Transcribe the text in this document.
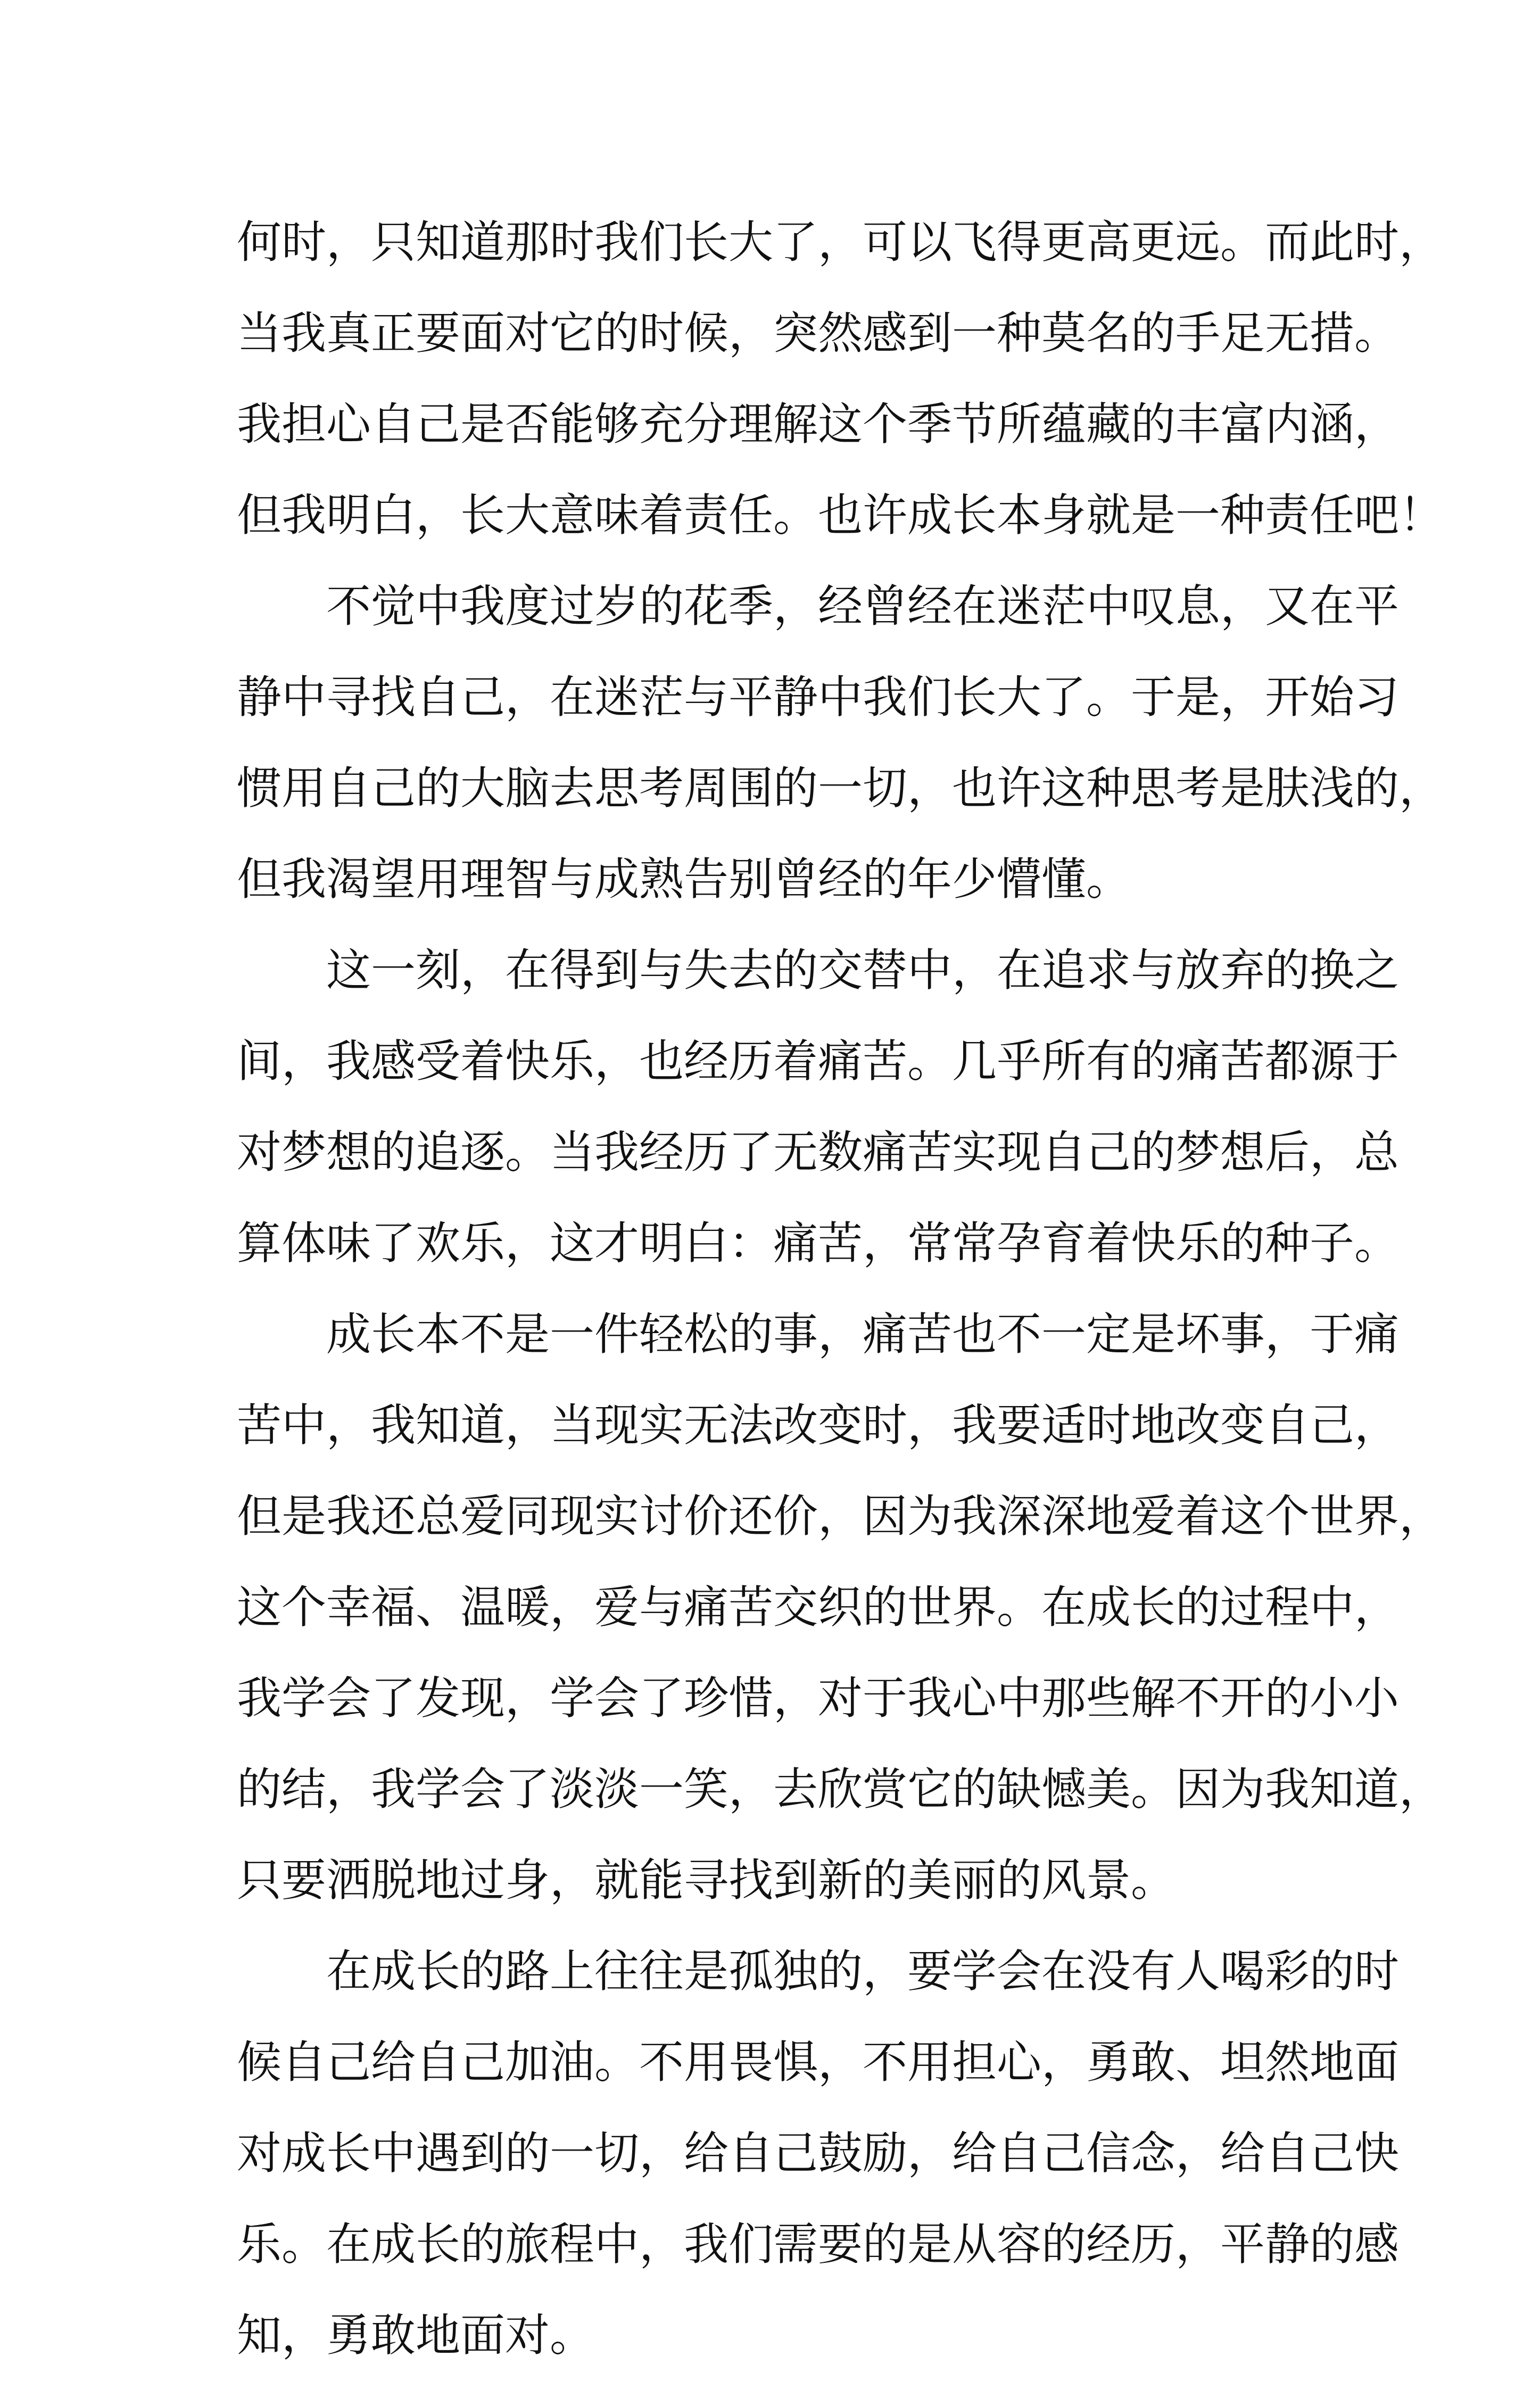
何时，只知道那时我们长大了，可以飞得更高更远。而此时，
当我真正要面对它的时候，突然感到一种莫名的手足无措。
我担心自己是否能够充分理解这个季节所蕴藏的丰富内涵，
但我明白，长大意味着责任。也许成长本身就是一种责任吧！
不觉中我度过岁的花季，经曾经在迷茫中叹息，又在平
静中寻找自己，在迷茫与平静中我们长大了。于是，开始习
惯用自己的大脑去思考周围的一切，也许这种思考是肤浅的，
但我渴望用理智与成熟告别曾经的年少懵懂。
这一刻，在得到与失去的交替中，在追求与放弃的换之
间，我感受着快乐，也经历着痛苦。几乎所有的痛苦都源于
对梦想的追逐。当我经历了无数痛苦实现自己的梦想后，总
算体味了欢乐，这才明白：痛苦，常常孕育着快乐的种子。
成长本不是一件轻松的事，痛苦也不一定是坏事，于痛
苦中，我知道，当现实无法改变时，我要适时地改变自己，
但是我还总爱同现实讨价还价，因为我深深地爱着这个世界，
这个幸福、温暖，爱与痛苦交织的世界。在成长的过程中，
我学会了发现，学会了珍惜，对于我心中那些解不开的小小
的结，我学会了淡淡一笑，去欣赏它的缺憾美。因为我知道，
只要洒脱地过身，就能寻找到新的美丽的风景。
在成长的路上往往是孤独的，要学会在没有人喝彩的时
候自己给自己加油。不用畏惧，不用担心，勇敢、坦然地面
对成长中遇到的一切，给自己鼓励，给自己信念，给自己快
乐。在成长的旅程中，我们需要的是从容的经历，平静的感
知，勇敢地面对。
